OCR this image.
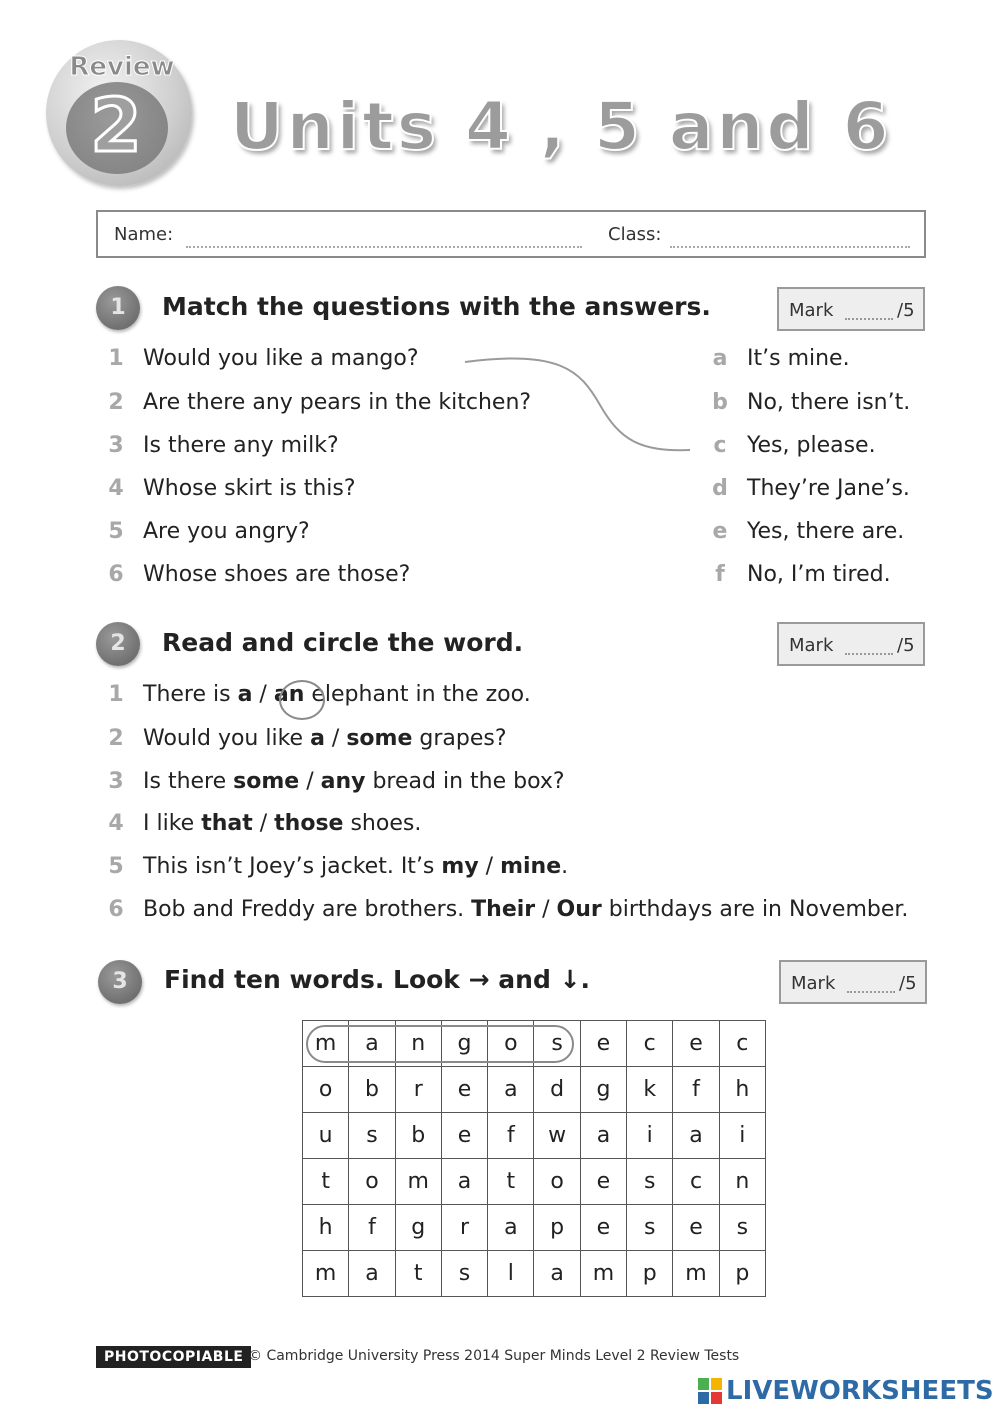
Review
2	Units 4 , 5 and 6
Name:	Class:
1	Match the questions with the answers.	Mark	/5
1 Would you like a mango?
2 Are there any pears in the kitchen?
3 Is there any milk?
4 Whose skirt is this?
5 Are you angry?
6 Whose shoes are those?
a It’s mine.
b No, there isn’t.
c Yes, please.
d They’re Jane’s.
e Yes, there are.
f No, I’m tired.
2	Read and circle the word.	Mark	/5
1 There is a / an elephant in the zoo.
2 Would you like a / some grapes?
3 Is there some / any bread in the box?
4 I like that / those shoes.
5 This isn’t Joey’s jacket. It’s my / mine.
6 Bob and Freddy are brothers. Their / Our birthdays are in November.
3	Find ten words. Look → and ↓.	Mark	/5
m	a	n	g	o	s	e	c	e	c
o	b	r	e	a	d	g	k	f	h
u	s	b	e	f	w	a	i	a	i
t	o	m	a	t	o	e	s	c	n
h	f	g	r	a	p	e	s	e	s
m	a	t	s	l	a	m	p	m	p
PHOTOCOPIABLE © Cambridge University Press 2014 Super Minds Level 2 Review Tests
LIVEWORKSHEETS
